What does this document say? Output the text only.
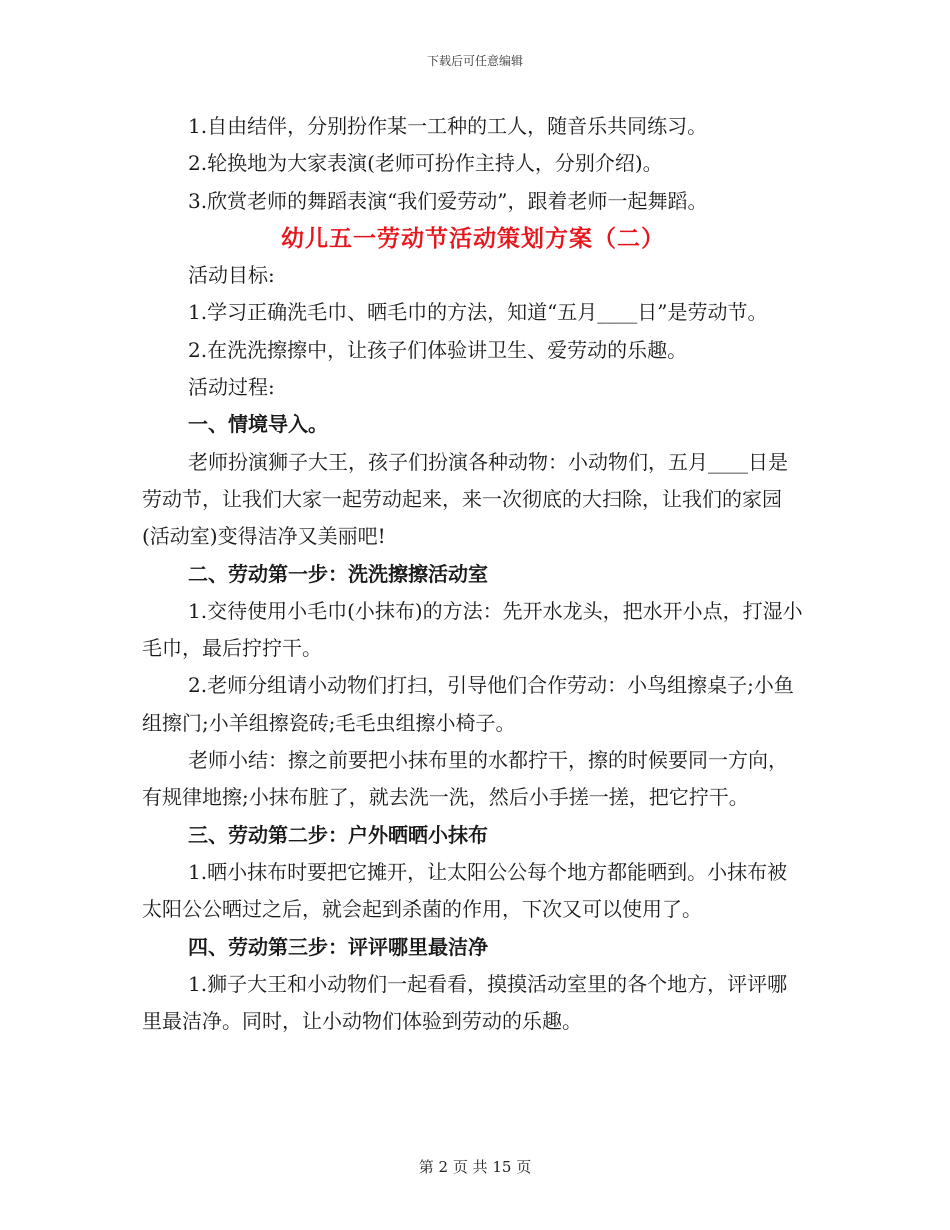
下载后可任意编辑

1.自由结伴，分别扮作某一工种的工人，随音乐共同练习。

2.轮换地为大家表演(老师可扮作主持人，分别介绍)。

3.欣赏老师的舞蹈表演“我们爱劳动”，跟着老师一起舞蹈。

幼儿五一劳动节活动策划方案（二）

活动目标:

1.学习正确洗毛巾、晒毛巾的方法，知道“五月____日”是劳动节。

2.在洗洗擦擦中，让孩子们体验讲卫生、爱劳动的乐趣。

活动过程:

一、情境导入。

老师扮演狮子大王，孩子们扮演各种动物：小动物们，五月____日是劳动节，让我们大家一起劳动起来，来一次彻底的大扫除，让我们的家园(活动室)变得洁净又美丽吧!

二、劳动第一步：洗洗擦擦活动室

1.交待使用小毛巾(小抹布)的方法：先开水龙头，把水开小点，打湿小毛巾，最后拧拧干。

2.老师分组请小动物们打扫，引导他们合作劳动：小鸟组擦桌子;小鱼组擦门;小羊组擦瓷砖;毛毛虫组擦小椅子。

老师小结：擦之前要把小抹布里的水都拧干，擦的时候要同一方向，有规律地擦;小抹布脏了，就去洗一洗，然后小手搓一搓，把它拧干。

三、劳动第二步：户外晒晒小抹布

1.晒小抹布时要把它摊开，让太阳公公每个地方都能晒到。小抹布被太阳公公晒过之后，就会起到杀菌的作用，下次又可以使用了。

四、劳动第三步：评评哪里最洁净

1.狮子大王和小动物们一起看看，摸摸活动室里的各个地方，评评哪里最洁净。同时，让小动物们体验到劳动的乐趣。

第 2 页 共 15 页
